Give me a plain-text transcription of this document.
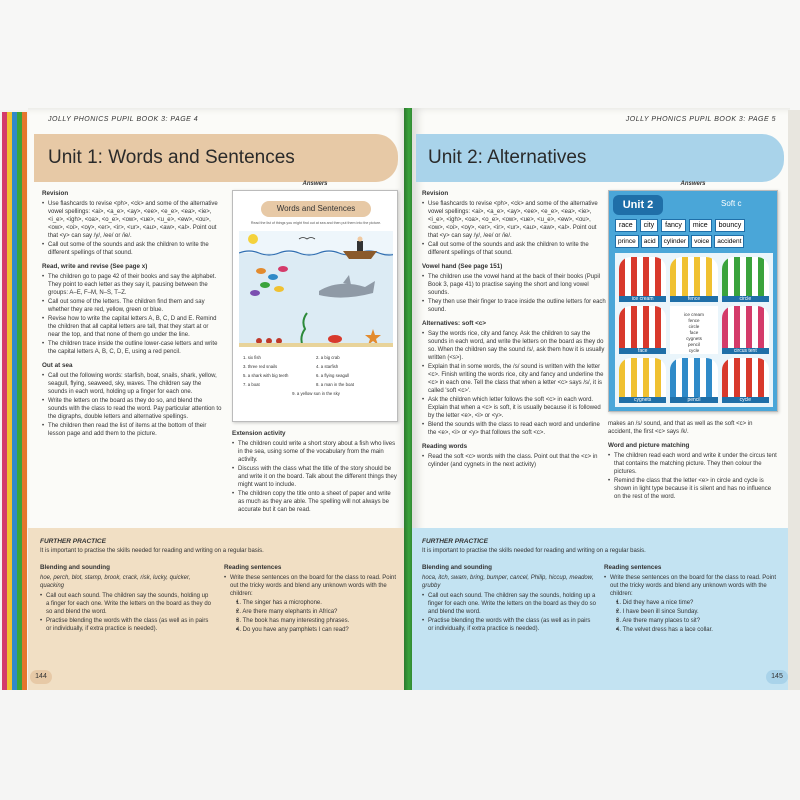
JOLLY PHONICS PUPIL BOOK 3: PAGE 4
Unit 1: Words and Sentences
Revision
• Use flashcards to revise <ph>, <ck> and some of the alternative vowel spellings: <ai>, <a_e>, <ay>, <ee>, <e_e>, <ea>, <ie>, <i_e>, <igh>, <oa>, <o_e>, <ow>, <ue>, <u_e>, <ew>, <ou>, <ow>, <oi>, <oy>, <er>, <ir>, <ur>, <au>, <aw>, <al>. Point out that <y> can say /y/, /ee/ or /ie/.
• Call out some of the sounds and ask the children to write the different spellings of that sound.
Read, write and revise (See page x)
• The children go to page 42 of their books and say the alphabet. They point to each letter as they say it, pausing between the groups: A–E, F–M, N–S, T–Z.
• Call out some of the letters. The children find them and say whether they are red, yellow, green or blue.
• Revise how to write the capital letters A, B, C, D and E. Remind the children that all capital letters are tall, that they start at or near the top, and that none of them go under the line.
• The children trace inside the outline lower-case letters and write the capital letters A, B, C, D, E, using a red pencil.
Out at sea
• Call out the following words: starfish, boat, snails, shark, yellow, seagull, flying, seaweed, sky, waves. The children say the sounds in each word, holding up a finger for each one.
• Write the letters on the board as they do so, and blend the sounds with the class to read the word. Pay particular attention to the digraphs, double letters and alternative spellings.
• The children then read the list of items at the bottom of their lesson page and add them to the picture.
Answers
Words and Sentences
Read the list of things you might find out at sea and then put them into the picture.
1. six fish	2. a big crab
3. three red snails	4. a starfish
5. a shark with big teeth	6. a flying seagull
7. a boat	8. a man in the boat
9. a yellow sun in the sky
Extension activity
• The children could write a short story about a fish who lives in the sea, using some of the vocabulary from the main activity.
• Discuss with the class what the title of the story should be and write it on the board. Talk about the different things they might want to include.
• The children copy the title onto a sheet of paper and write as much as they are able. The spelling will not always be accurate but it can be read.
FURTHER PRACTICE
It is important to practise the skills needed for reading and writing on a regular basis.
Blending and sounding

hoe, perch, blot, stamp, brook, crack, risk, lucky, quicker, quacking

• Call out each sound. The children say the sounds, holding up a finger for each one. Write the letters on the board as they do so and blend the word.
• Practise blending the words with the class (as well as in pairs or individually, if extra practice is needed).
Reading sentences
• Write these sentences on the board for the class to read. Point out the tricky words and blend any unknown words with the children:
• 1. The singer has a microphone.
• 2. Are there many elephants in Africa?
• 3. The book has many interesting phrases.
• 4. Do you have any pamphlets I can read?
144
JOLLY PHONICS PUPIL BOOK 3: PAGE 5
Unit 2: Alternatives
Revision
• Use flashcards to revise <ph>, <ck> and some of the alternative vowel spellings: <ai>, <a_e>, <ay>, <ee>, <e_e>, <ea>, <ie>, <i_e>, <igh>, <oa>, <o_e>, <ow>, <ue>, <u_e>, <ew>, <ou>, <ow>, <oi>, <oy>, <er>, <ir>, <ur>, <au>, <aw>, <al>. Point out that <y> can say /y/, /ee/ or /ie/.
• Call out some of the sounds and ask the children to write the different spellings of that sound.
Vowel hand (See page 151)
• The children use the vowel hand at the back of their books (Pupil Book 3, page 41) to practise saying the short and long vowel sounds.
• They then use their finger to trace inside the outline letters for each sound.
Alternatives: soft <c>
• Say the words rice, city and fancy. Ask the children to say the sounds in each word, and write the letters on the board as they do so. When the children say the sound /s/, ask them how it is usually written (<s>).
• Explain that in some words, the /s/ sound is written with the letter <c>. Finish writing the words rice, city and fancy and underline the <c> in each one. Tell the class that when a letter <c> says /s/, it is called 'soft <c>'.
• Ask the children which letter follows the soft <c> in each word. Explain that when a <c> is soft, it is usually because it is followed by the letter <e>, <i> or <y>.
• Blend the sounds with the class to read each word and underline the <e>, <i> or <y> that follows the soft <c>.
Reading words
• Read the soft <c> words with the class. Point out that the <c> in cylinder (and cygnets in the next activity)
Answers
Unit 2	Soft c
race	city	fancy	mice	bouncy
prince	acid	cylinder	voice	accident
ice cream	fence	circle
face
ice cream
fence
circle
face
cygnets
pencil
cycle	circus tent
cygnets	pencil	cycle

makes an /s/ sound, and that as well as the soft <c> in accident, the first <c> says /k/.

Word and picture matching
• The children read each word and write it under the circus tent that contains the matching picture. They then colour the pictures.
• Remind the class that the letter <e> in circle and cycle is shown in light type because it is silent and has no influence on the rest of the word.
FURTHER PRACTICE
It is important to practise the skills needed for reading and writing on a regular basis.
Blending and sounding

hoca, itch, swam, bring, bumper, cancel, Philip, hiccup, meadow, grubby

• Call out each sound. The children say the sounds, holding up a finger for each one. Write the letters on the board as they do so and blend the word.
• Practise blending the words with the class (as well as in pairs or individually, if extra practice is needed).
Reading sentences
• Write these sentences on the board for the class to read. Point out the tricky words and blend any unknown words with the children:
• 1. Did they have a nice time?
• 2. I have been ill since Sunday.
• 3. Are there many places to sit?
• 4. The velvet dress has a lace collar.
145
